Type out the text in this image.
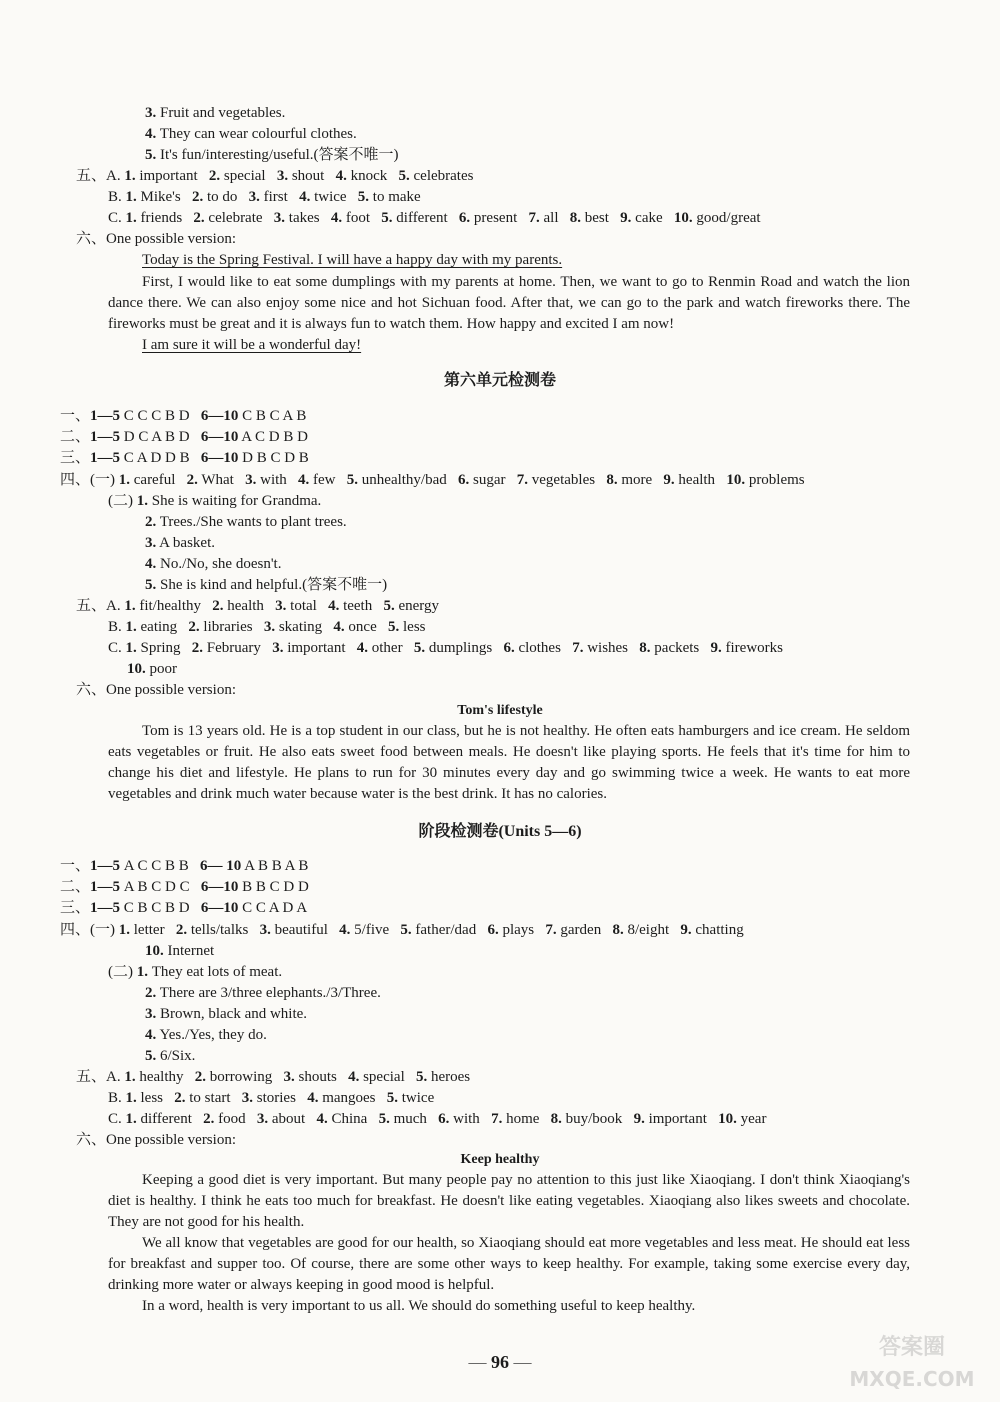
3. Fruit and vegetables.
4. They can wear colourful clothes.
5. It's fun/interesting/useful.(答案不唯一)
五、A. 1. important   2. special   3. shout   4. knock   5. celebrates
B. 1. Mike's   2. to do   3. first   4. twice   5. to make
C. 1. friends   2. celebrate   3. takes   4. foot   5. different   6. present   7. all   8. best   9. cake   10. good/great
六、One possible version:
Today is the Spring Festival. I will have a happy day with my parents.
First, I would like to eat some dumplings with my parents at home. Then, we want to go to Renmin Road and watch the lion dance there. We can also enjoy some nice and hot Sichuan food. After that, we can go to the park and watch fireworks there. The fireworks must be great and it is always fun to watch them. How happy and excited I am now!
I am sure it will be a wonderful day!
第六单元检测卷
一、1—5 C C C B D   6—10 C B C A B
二、1—5 D C A B D   6—10 A C D B D
三、1—5 C A D D B   6—10 D B C D B
四、(一) 1. careful   2. What   3. with   4. few   5. unhealthy/bad   6. sugar   7. vegetables   8. more   9. health   10. problems
(二) 1. She is waiting for Grandma.
2. Trees./She wants to plant trees.
3. A basket.
4. No./No, she doesn't.
5. She is kind and helpful.(答案不唯一)
五、A. 1. fit/healthy   2. health   3. total   4. teeth   5. energy
B. 1. eating   2. libraries   3. skating   4. once   5. less
C. 1. Spring   2. February   3. important   4. other   5. dumplings   6. clothes   7. wishes   8. packets   9. fireworks
10. poor
六、One possible version:
Tom's lifestyle
Tom is 13 years old. He is a top student in our class, but he is not healthy. He often eats hamburgers and ice cream. He seldom eats vegetables or fruit. He also eats sweet food between meals. He doesn't like playing sports. He feels that it's time for him to change his diet and lifestyle. He plans to run for 30 minutes every day and go swimming twice a week. He wants to eat more vegetables and drink much water because water is the best drink. It has no calories.
阶段检测卷(Units 5—6)
一、1—5 A C C B B   6— 10 A B B A B
二、1—5 A B C D C   6—10 B B C D D
三、1—5 C B C B D   6—10 C C A D A
四、(一) 1. letter   2. tells/talks   3. beautiful   4. 5/five   5. father/dad   6. plays   7. garden   8. 8/eight   9. chatting
10. Internet
(二) 1. They eat lots of meat.
2. There are 3/three elephants./3/Three.
3. Brown, black and white.
4. Yes./Yes, they do.
5. 6/Six.
五、A. 1. healthy   2. borrowing   3. shouts   4. special   5. heroes
B. 1. less   2. to start   3. stories   4. mangoes   5. twice
C. 1. different   2. food   3. about   4. China   5. much   6. with   7. home   8. buy/book   9. important   10. year
六、One possible version:
Keep healthy
Keeping a good diet is very important. But many people pay no attention to this just like Xiaoqiang. I don't think Xiaoqiang's diet is healthy. I think he eats too much for breakfast. He doesn't like eating vegetables. Xiaoqiang also likes sweets and chocolate. They are not good for his health.
We all know that vegetables are good for our health, so Xiaoqiang should eat more vegetables and less meat. He should eat less for breakfast and supper too. Of course, there are some other ways to keep healthy. For example, taking some exercise every day, drinking more water or always keeping in good mood is helpful.
In a word, health is very important to us all. We should do something useful to keep healthy.
— 96 —
答案圈
MXQE.COM
